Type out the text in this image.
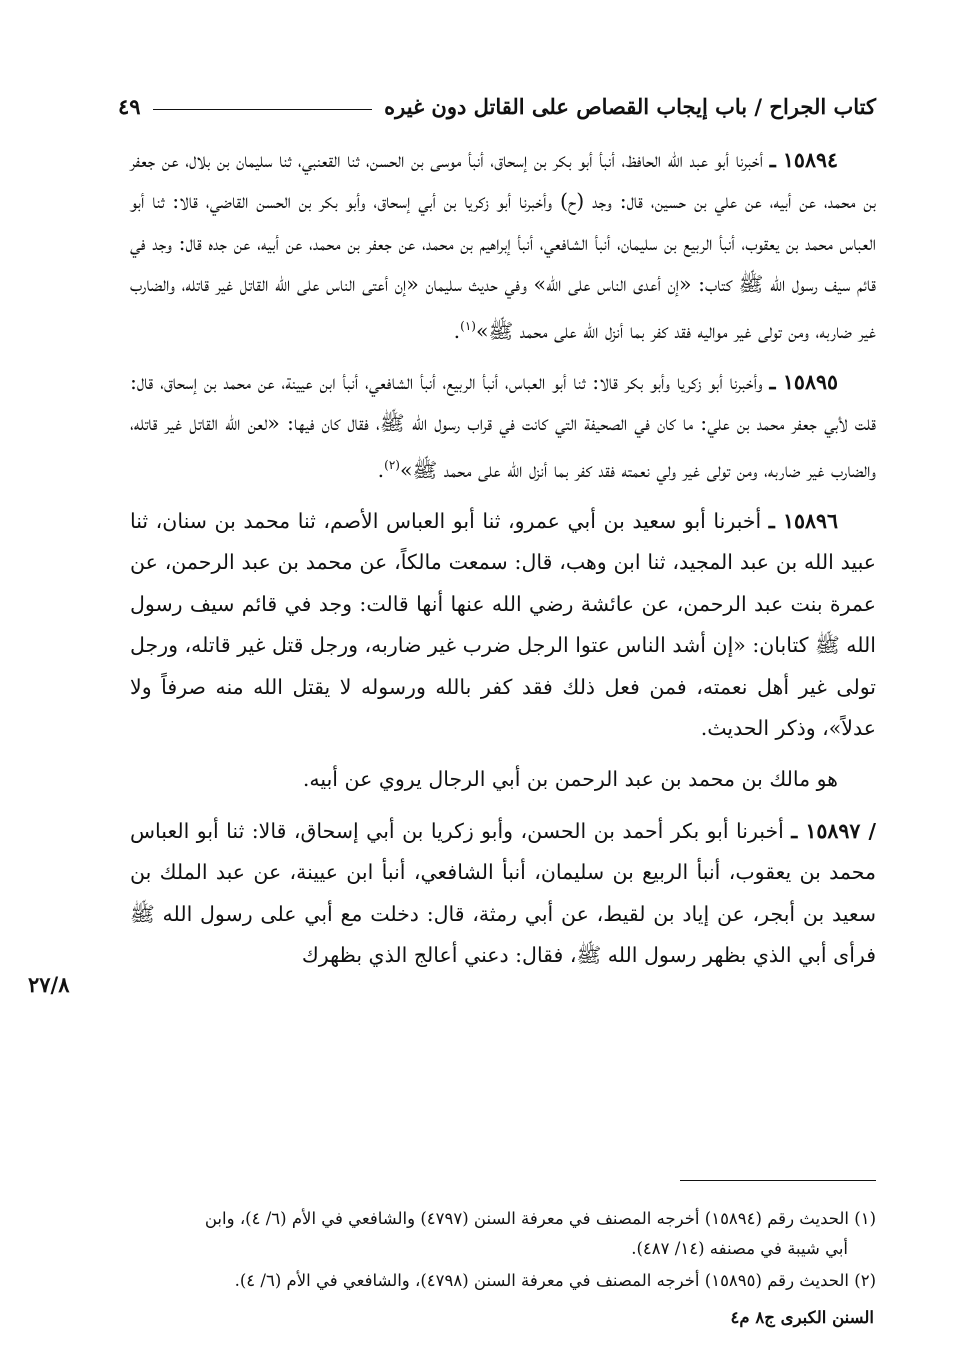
كتاب الجراح / باب إيجاب القصاص على القاتل دون غيره
٤٩

١٥٨٩٤ ـ أخبرنا أبو عبد الله الحافظ، أنبأ أبو بكر بن إسحاق، أنبأ موسى بن الحسن، ثنا القعنبي، ثنا سليمان بن بلال، عن جعفر بن محمد، عن أبيه، عن علي بن حسين، قال: وجد (ح) وأخبرنا أبو زكريا بن أبي إسحاق، وأبو بكر بن الحسن القاضي، قالا: ثنا أبو العباس محمد بن يعقوب، أنبأ الربيع بن سليمان، أنبأ الشافعي، أنبأ إبراهيم بن محمد، عن جعفر بن محمد، عن أبيه، عن جده قال: وجد في قائم سيف رسول الله ﷺ كتاب: «إن أعدى الناس على الله» وفي حديث سليمان «إن أعتى الناس على الله القاتل غير قاتله، والضارب غير ضاربه، ومن تولى غير مواليه فقد كفر بما أنزل الله على محمد ﷺ»$^{(١)}$.

١٥٨٩٥ ـ وأخبرنا أبو زكريا وأبو بكر قالا: ثنا أبو العباس، أنبأ الربيع، أنبأ الشافعي، أنبأ ابن عيينة، عن محمد بن إسحاق، قال: قلت لأبي جعفر محمد بن علي: ما كان في الصحيفة التي كانت في قراب رسول الله ﷺ، فقال كان فيها: «لعن الله القاتل غير قاتله، والضارب غير ضاربه، ومن تولى غير ولي نعمته فقد كفر بما أنزل الله على محمد ﷺ»$^{(٢)}$.

١٥٨٩٦ ـ أخبرنا أبو سعيد بن أبي عمرو، ثنا أبو العباس الأصم، ثنا محمد بن سنان، ثنا عبيد الله بن عبد المجيد، ثنا ابن وهب، قال: سمعت مالكاً، عن محمد بن عبد الرحمن، عن عمرة بنت عبد الرحمن، عن عائشة رضي الله عنها أنها قالت: وجد في قائم سيف رسول الله ﷺ كتابان: «إن أشد الناس عتوا الرجل ضرب غير ضاربه، ورجل قتل غير قاتله، ورجل تولى غير أهل نعمته، فمن فعل ذلك فقد كفر بالله ورسوله لا يقتل الله منه صرفاً ولا عدلاً»، وذكر الحديث.

هو مالك بن محمد بن عبد الرحمن بن أبي الرجال يروي عن أبيه.

/ ١٥٨٩٧ ـ أخبرنا أبو بكر أحمد بن الحسن، وأبو زكريا بن أبي إسحاق، قالا: ثنا أبو العباس محمد بن يعقوب، أنبأ الربيع بن سليمان، أنبأ الشافعي، أنبأ ابن عيينة، عن عبد الملك بن سعيد بن أبجر، عن إياد بن لقيط، عن أبي رمثة، قال: دخلت مع أبي على رسول الله ﷺ فرأى أبي الذي بظهر رسول الله ﷺ، فقال: دعني أعالج الذي بظهرك

٢٧/٨

(١) الحديث رقم (١٥٨٩٤) أخرجه المصنف في معرفة السنن (٤٧٩٧) والشافعي في الأم (٦/ ٤)، وابن
أبي شيبة في مصنفه (١٤/ ٤٨٧).

(٢) الحديث رقم (١٥٨٩٥) أخرجه المصنف في معرفة السنن (٤٧٩٨)، والشافعي في الأم (٦/ ٤).

السنن الكبرى ج٨ م٤
